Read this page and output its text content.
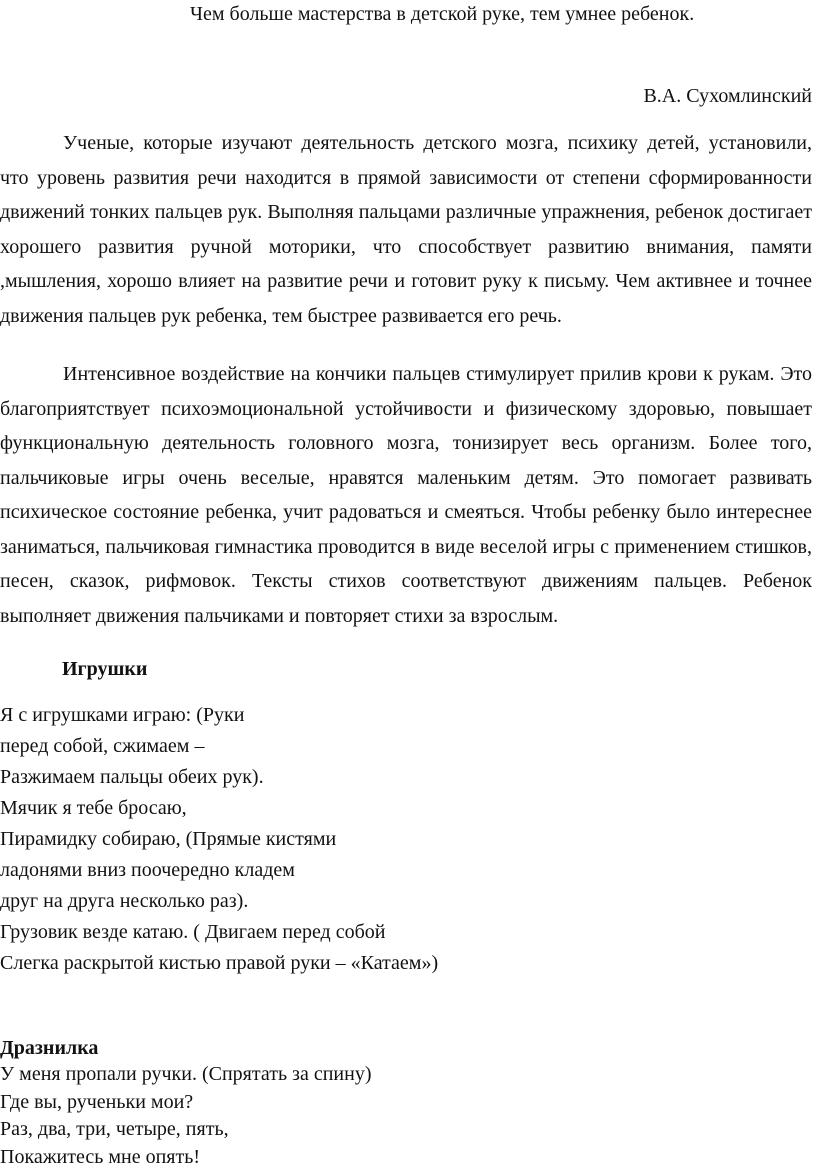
Чем больше мастерства в детской руке, тем умнее ребенок.
В.А. Сухомлинский

Ученые, которые изучают деятельность детского мозга, психику детей, установили, что уровень развития речи находится в прямой зависимости от степени сформированности движений тонких пальцев рук. Выполняя пальцами различные упражнения, ребенок достигает хорошего развития ручной моторики, что способствует развитию внимания, памяти ,мышления, хорошо влияет на развитие речи и готовит руку к письму. Чем активнее и точнее движения пальцев рук ребенка, тем быстрее развивается его речь.

Интенсивное воздействие на кончики пальцев стимулирует прилив крови к рукам. Это благоприятствует психоэмоциональной устойчивости и физическому здоровью, повышает функциональную деятельность головного мозга, тонизирует весь организм. Более того, пальчиковые игры очень веселые, нравятся маленьким детям. Это помогает развивать психическое состояние ребенка, учит радоваться и смеяться. Чтобы ребенку было интереснее заниматься, пальчиковая гимнастика проводится в виде веселой игры с применением стишков, песен, сказок, рифмовок. Тексты стихов соответствуют движениям пальцев. Ребенок выполняет движения пальчиками и повторяет стихи за взрослым.

Игрушки
Я с игрушками играю: (Руки
перед собой, сжимаем –
Разжимаем пальцы обеих рук).
Мячик я тебе бросаю,
Пирамидку собираю, (Прямые кистями
ладонями вниз поочередно кладем
друг на друга несколько раз).
Грузовик везде катаю. ( Двигаем перед собой
Слегка раскрытой кистью правой руки – «Катаем»)
Дразнилка
У меня пропали ручки. (Спрятать за спину)
Где вы, рученьки мои?
Раз, два, три, четыре, пять,
Покажитесь мне опять!
